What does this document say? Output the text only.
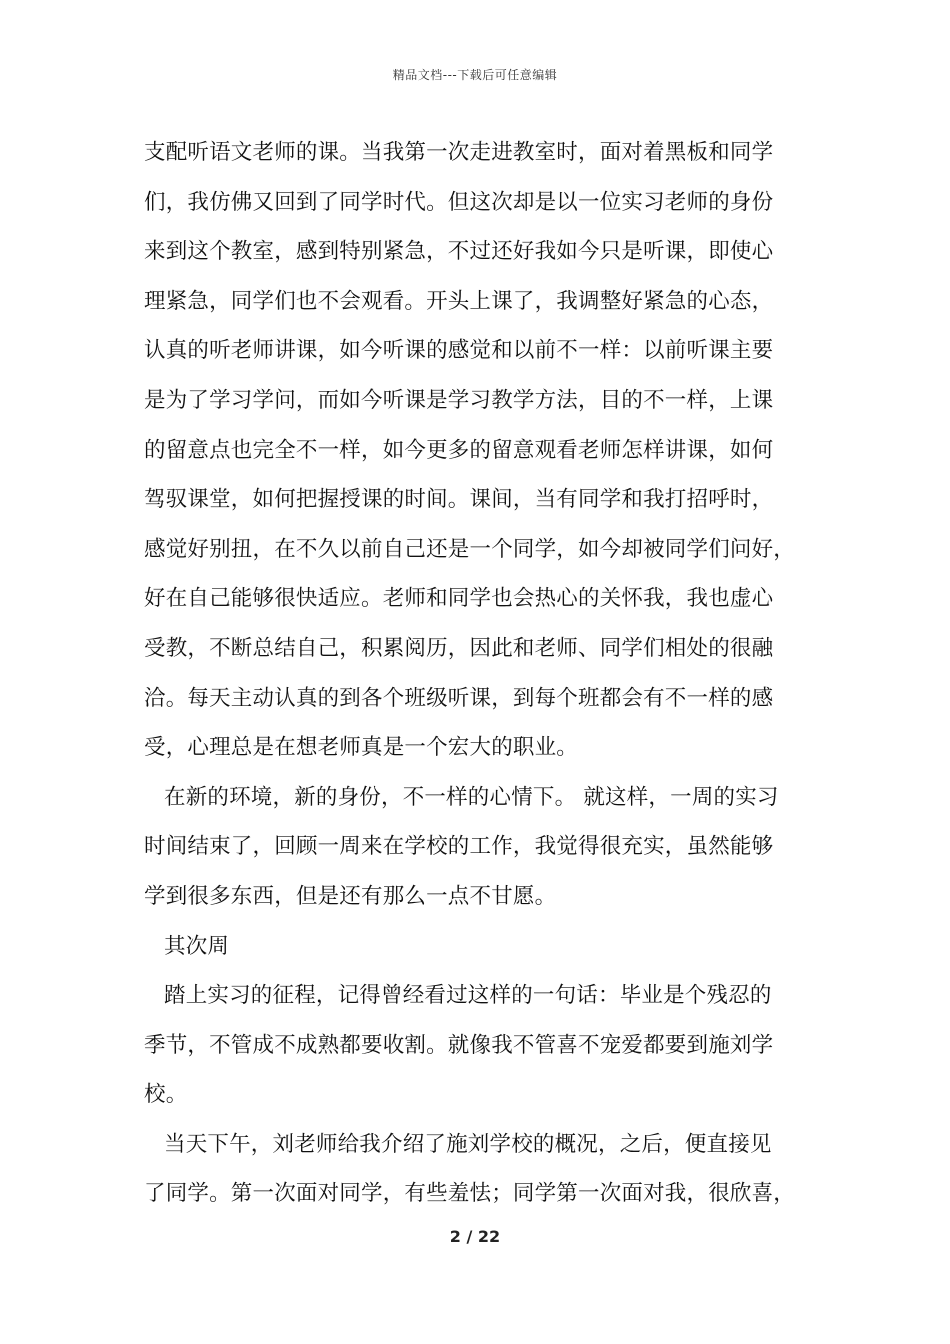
精品文档---下载后可任意编辑
支配听语文老师的课。当我第一次走进教室时，面对着黑板和同学
们，我仿佛又回到了同学时代。但这次却是以一位实习老师的身份
来到这个教室，感到特别紧急，不过还好我如今只是听课，即使心
理紧急，同学们也不会观看。开头上课了，我调整好紧急的心态，
认真的听老师讲课，如今听课的感觉和以前不一样：以前听课主要
是为了学习学问，而如今听课是学习教学方法，目的不一样，上课
的留意点也完全不一样，如今更多的留意观看老师怎样讲课，如何
驾驭课堂，如何把握授课的时间。课间，当有同学和我打招呼时，
感觉好别扭，在不久以前自己还是一个同学，如今却被同学们问好，
好在自己能够很快适应。老师和同学也会热心的关怀我，我也虚心
受教，不断总结自己，积累阅历，因此和老师、同学们相处的很融
洽。每天主动认真的到各个班级听课，到每个班都会有不一样的感
受，心理总是在想老师真是一个宏大的职业。
在新的环境，新的身份，不一样的心情下。 就这样，一周的实习
时间结束了，回顾一周来在学校的工作，我觉得很充实，虽然能够
学到很多东西，但是还有那么一点不甘愿。
其次周
踏上实习的征程，记得曾经看过这样的一句话：毕业是个残忍的
季节，不管成不成熟都要收割。就像我不管喜不宠爱都要到施刘学
校。
当天下午，刘老师给我介绍了施刘学校的概况，之后，便直接见
了同学。第一次面对同学，有些羞怯；同学第一次面对我，很欣喜，
2 / 22
